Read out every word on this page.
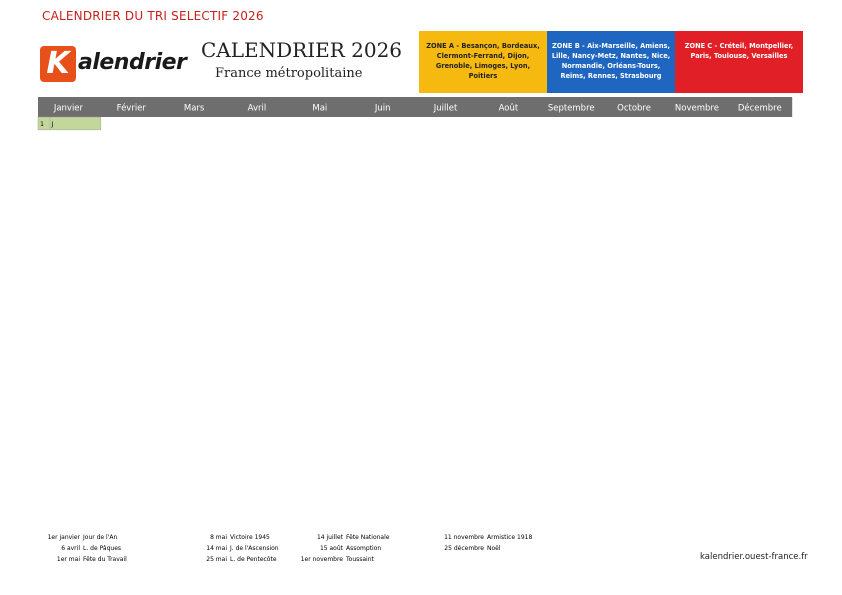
CALENDRIER DU TRI SELECTIF 2026
K alendrier CALENDRIER 2026
France métropolitaine
ZONE A - Besançon, Bordeaux, Clermont-Ferrand, Dijon, Grenoble, Limoges, Lyon, Poitiers
ZONE B - Aix-Marseille, Amiens, Lille, Nancy-Metz, Nantes, Nice, Normandie, Orléans-Tours, Reims, Rennes, Strasbourg
ZONE C - Créteil, Montpellier, Paris, Toulouse, Versailles
Janvier	Février	Mars	Avril	Mai	Juin	Juillet	Août	Septembre	Octobre	Novembre Décembre
1 J
1er janvier Jour de l'An
6 avril L. de Pâques
1er mai Fête du Travail
8 mai Victoire 1945
14 mai J. de l'Ascension
25 mai L. de Pentecôte
14 juillet Fête Nationale
15 août Assomption
1er novembre Toussaint
11 novembre Armistice 1918
25 décembre Noël
kalendrier.ouest-france.fr
